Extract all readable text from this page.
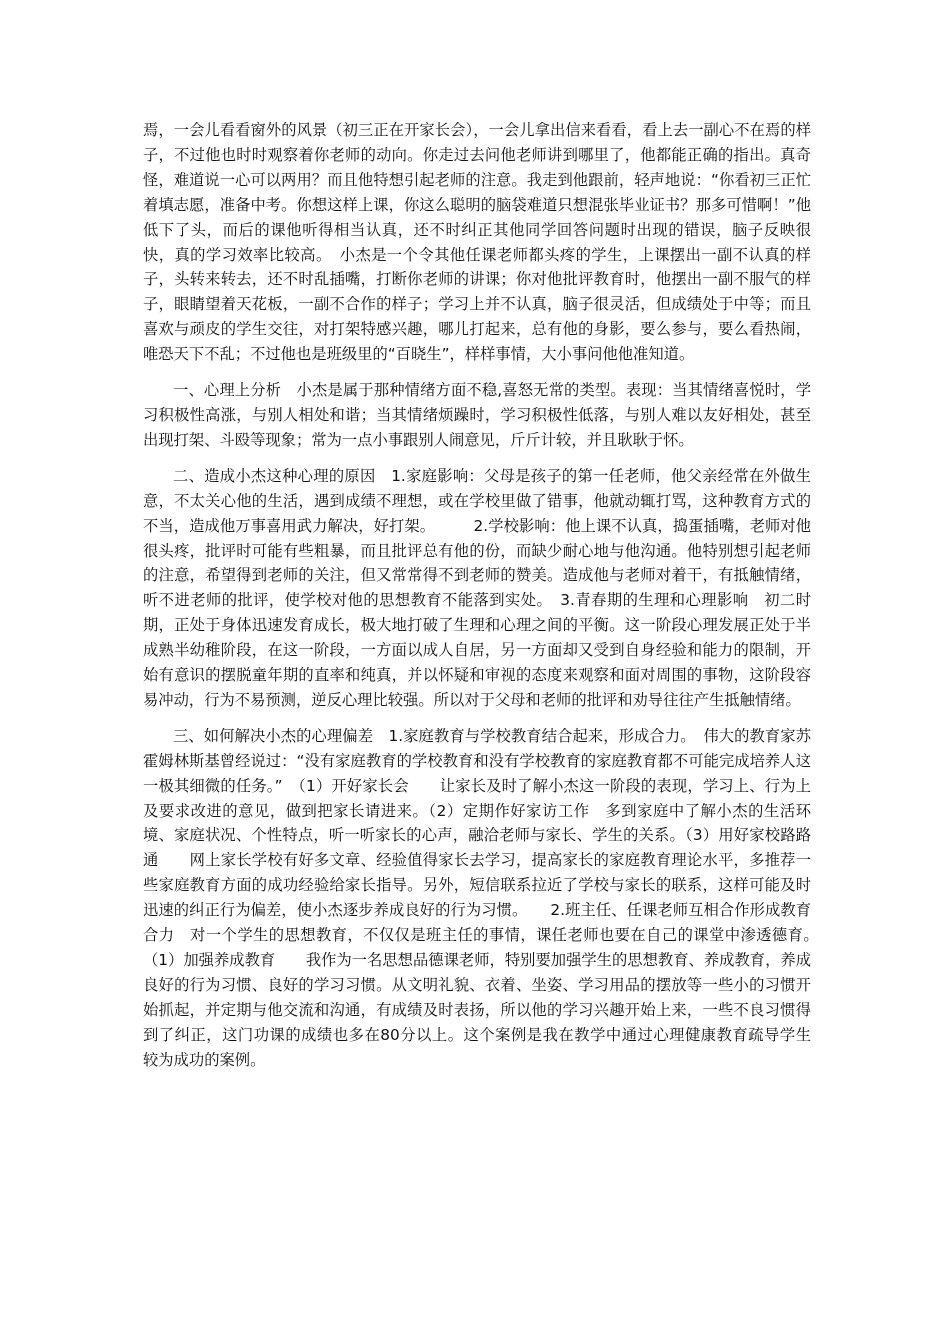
焉，一会儿看看窗外的风景（初三正在开家长会），一会儿拿出信来看看，看上去一副心不在焉的样子，不过他也时时观察着你老师的动向。你走过去问他老师讲到哪里了，他都能正确的指出。真奇怪，难道说一心可以两用？而且他特想引起老师的注意。我走到他跟前，轻声地说：“你看初三正忙着填志愿，准备中考。你想这样上课，你这么聪明的脑袋难道只想混张毕业证书？那多可惜啊！”他低下了头，而后的课他听得相当认真，还不时纠正其他同学回答问题时出现的错误，脑子反映很快，真的学习效率比较高。　小杰是一个令其他任课老师都头疼的学生，上课摆出一副不认真的样子，头转来转去，还不时乱插嘴，打断你老师的讲课；你对他批评教育时，他摆出一副不服气的样子，眼睛望着天花板，一副不合作的样子；学习上并不认真，脑子很灵活，但成绩处于中等；而且喜欢与顽皮的学生交往，对打架特感兴趣，哪儿打起来，总有他的身影，要么参与，要么看热闹，唯恐天下不乱；不过他也是班级里的“百晓生”，样样事情，大小事问他他准知道。

一、心理上分析　小杰是属于那种情绪方面不稳,喜怒无常的类型。表现：当其情绪喜悦时，学习积极性高涨，与别人相处和谐；当其情绪烦躁时，学习积极性低落，与别人难以友好相处，甚至出现打架、斗殴等现象；常为一点小事跟别人闹意见，斤斤计较，并且耿耿于怀。

二、造成小杰这种心理的原因　1.家庭影响：父母是孩子的第一任老师，他父亲经常在外做生意，不太关心他的生活，遇到成绩不理想，或在学校里做了错事，他就动辄打骂，这种教育方式的不当，造成他万事喜用武力解决，好打架。　　　2.学校影响：他上课不认真，捣蛋插嘴，老师对他很头疼，批评时可能有些粗暴，而且批评总有他的份，而缺少耐心地与他沟通。他特别想引起老师的注意，希望得到老师的关注，但又常常得不到老师的赞美。造成他与老师对着干，有抵触情绪，听不进老师的批评，使学校对他的思想教育不能落到实处。　3.青春期的生理和心理影响　初二时期，正处于身体迅速发育成长，极大地打破了生理和心理之间的平衡。这一阶段心理发展正处于半成熟半幼稚阶段，在这一阶段，一方面以成人自居，另一方面却又受到自身经验和能力的限制，开始有意识的摆脱童年期的直率和纯真，并以怀疑和审视的态度来观察和面对周围的事物，这阶段容易冲动，行为不易预测，逆反心理比较强。所以对于父母和老师的批评和劝导往往产生抵触情绪。

三、如何解决小杰的心理偏差　1.家庭教育与学校教育结合起来，形成合力。　伟大的教育家苏霍姆林斯基曾经说过：“没有家庭教育的学校教育和没有学校教育的家庭教育都不可能完成培养人这一极其细微的任务。”　（1）开好家长会　　让家长及时了解小杰这一阶段的表现，学习上、行为上及要求改进的意见，做到把家长请进来。（2）定期作好家访工作　多到家庭中了解小杰的生活环境、家庭状况、个性特点，听一听家长的心声，融洽老师与家长、学生的关系。（3）用好家校路路通　　网上家长学校有好多文章、经验值得家长去学习，提高家长的家庭教育理论水平，多推荐一些家庭教育方面的成功经验给家长指导。另外，短信联系拉近了学校与家长的联系，这样可能及时迅速的纠正行为偏差，使小杰逐步养成良好的行为习惯。　　2.班主任、任课老师互相合作形成教育合力　对一个学生的思想教育，不仅仅是班主任的事情，课任老师也要在自己的课堂中渗透德育。　（1）加强养成教育　　我作为一名思想品德课老师，特别要加强学生的思想教育、养成教育，养成良好的行为习惯、良好的学习习惯。从文明礼貌、衣着、坐姿、学习用品的摆放等一些小的习惯开始抓起，并定期与他交流和沟通，有成绩及时表扬，所以他的学习兴趣开始上来，一些不良习惯得到了纠正，这门功课的成绩也多在80分以上。这个案例是我在教学中通过心理健康教育疏导学生　较为成功的案例。
